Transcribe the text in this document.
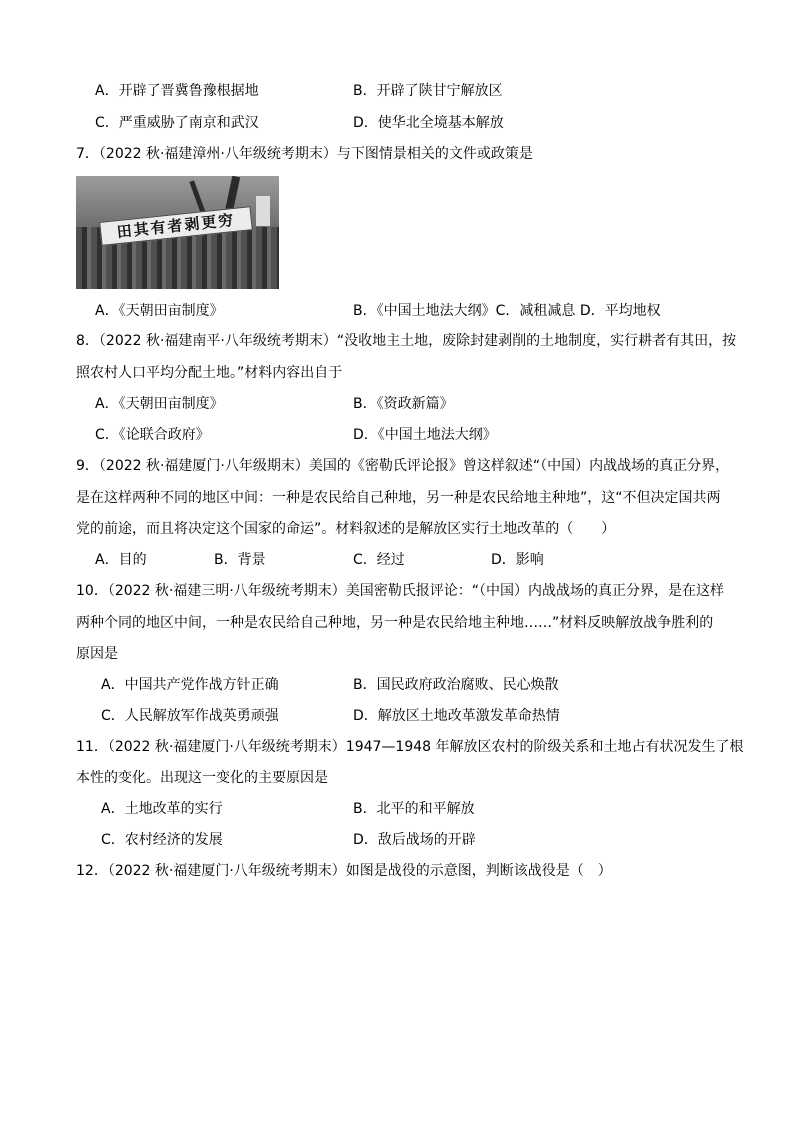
A．开辟了晋冀鲁豫根据地	B．开辟了陕甘宁解放区
C．严重威胁了南京和武汉	D．使华北全境基本解放
7．（2022 秋·福建漳州·八年级统考期末）与下图情景相关的文件或政策是
田其有者剥更穷
A．《天朝田亩制度》	B．《中国土地法大纲》C．减租减息 D．平均地权
8．（2022 秋·福建南平·八年级统考期末）“没收地主土地，废除封建剥削的土地制度，实行耕者有其田，按
照农村人口平均分配土地。”材料内容出自于
A．《天朝田亩制度》	B．《资政新篇》
C．《论联合政府》	D．《中国土地法大纲》
9．（2022 秋·福建厦门·八年级期末）美国的《密勒氏评论报》曾这样叙述“（中国）内战战场的真正分界，
是在这样两种不同的地区中间：一种是农民给自己种地，另一种是农民给地主种地”，这“不但决定国共两
党的前途，而且将决定这个国家的命运”。材料叙述的是解放区实行土地改革的（　　）
A．目的	B．背景	C．经过	D．影响
10．（2022 秋·福建三明·八年级统考期末）美国密勒氏报评论：“（中国）内战战场的真正分界，是在这样
两种个同的地区中间，一种是农民给自己种地，另一种是农民给地主种地……”材料反映解放战争胜利的
原因是
A．中国共产党作战方针正确	B．国民政府政治腐败、民心焕散
C．人民解放军作战英勇顽强	D．解放区土地改革激发革命热情
11．（2022 秋·福建厦门·八年级统考期末）1947—1948 年解放区农村的阶级关系和土地占有状况发生了根
本性的变化。出现这一变化的主要原因是
A．土地改革的实行	B．北平的和平解放
C．农村经济的发展	D．敌后战场的开辟
12．（2022 秋·福建厦门·八年级统考期末）如图是战役的示意图，判断该战役是（　）
